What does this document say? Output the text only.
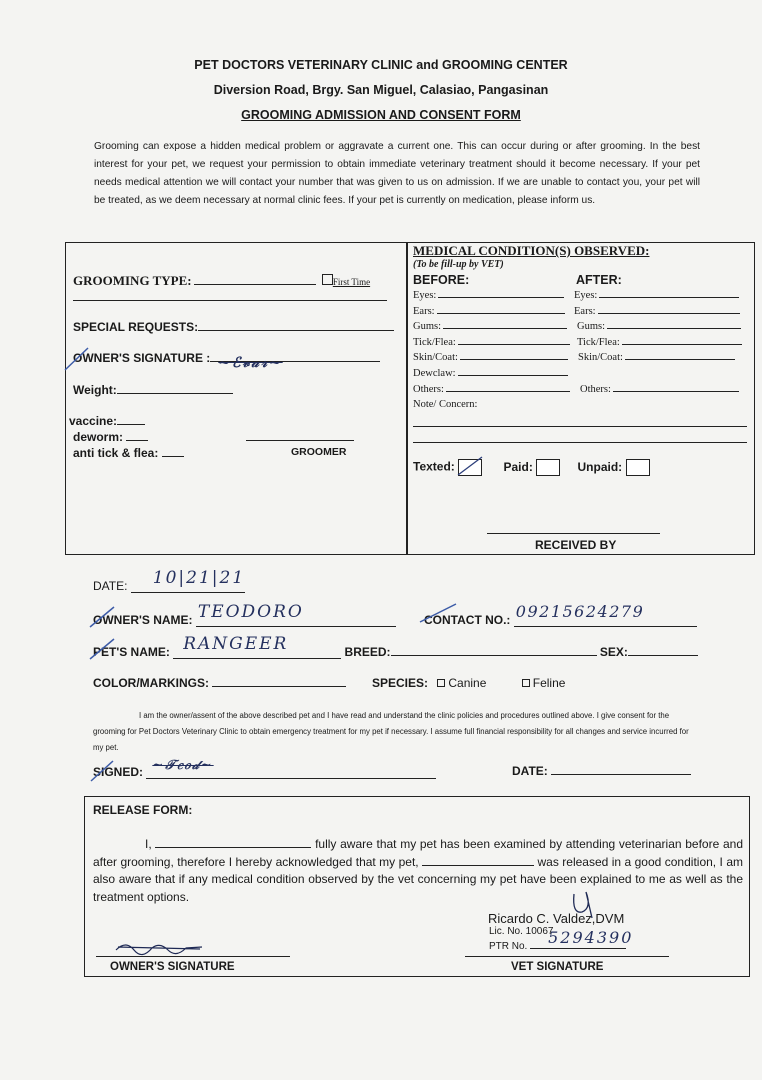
PET DOCTORS VETERINARY CLINIC and GROOMING CENTER
Diversion Road, Brgy. San Miguel, Calasiao, Pangasinan
GROOMING ADMISSION AND CONSENT FORM
Grooming can expose a hidden medical problem or aggravate a current one. This can occur during or after grooming. In the best interest for your pet, we request your permission to obtain immediate veterinary treatment should it become necessary. If your pet needs medical attention we will contact your number that was given to us on admission. If we are unable to contact you, your pet will be treated, as we deem necessary at normal clinic fees. If your pet is currently on medication, please inform us.
GROOMING TYPE:	First Time
SPECIAL REQUESTS:
OWNER'S SIGNATURE : ~ℰ𝓋𝒶𝓇~
Weight:
vaccine:
deworm:
anti tick & flea:	GROOMER
MEDICAL CONDITION(S) OBSERVED:
(To be fill-up by VET)
BEFORE:	AFTER:
Eyes:	Eyes:
Ears:	Ears:
Gums:	Gums:
Tick/Flea:	Tick/Flea:
Skin/Coat:	Skin/Coat:
Dewclaw:
Others:	Others:
Note/ Concern:
Texted:	Paid:	Unpaid:
RECEIVED BY
DATE: 10|21|21
OWNER'S NAME: TEODORO	CONTACT NO.: 09215624279
PET'S NAME: RANGEER	BREED:	SEX:
COLOR/MARKINGS:	SPECIES: Canine	Feline
I am the owner/assent of the above described pet and I have read and understand the clinic policies and procedures outlined above. I give consent for the grooming for Pet Doctors Veterinary Clinic to obtain emergency treatment for my pet if necessary. I assume full financial responsibility for all changes and service incurred for my pet.
SIGNED: ~𝒯𝑒𝑜𝒹~	DATE:
RELEASE FORM:
I,	fully aware that my pet has been examined by attending veterinarian before and after grooming, therefore I hereby acknowledged that my pet,	was released in a good condition, I am also aware that if any medical condition observed by the vet concerning my pet have been explained to me as well as the treatment options.
Ricardo C. Valdez,DVM
Lic. No. 10067
PTR No. 5294390
OWNER'S SIGNATURE	VET SIGNATURE
